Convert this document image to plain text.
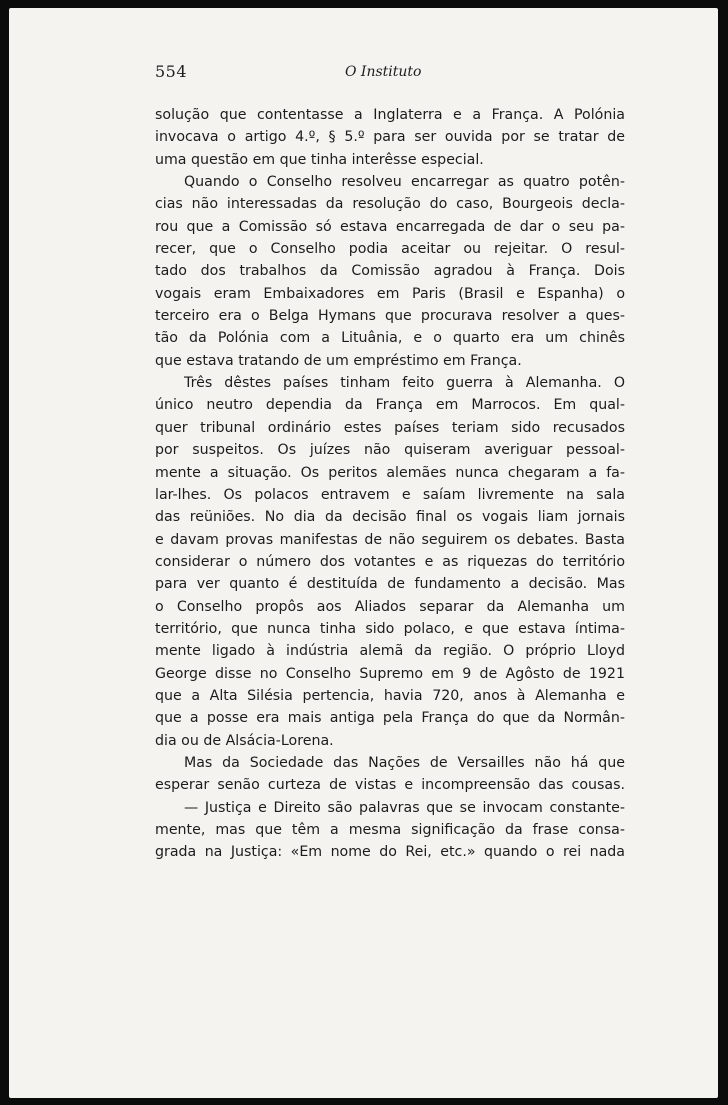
554	O Instituto
solução que contentasse a Inglaterra e a França. A Polónia
invocava o artigo 4.º, § 5.º para ser ouvida por se tratar de
uma questão em que tinha interêsse especial.
Quando o Conselho resolveu encarregar as quatro potên-
cias não interessadas da resolução do caso, Bourgeois decla-
rou que a Comissão só estava encarregada de dar o seu pa-
recer, que o Conselho podia aceitar ou rejeitar. O resul-
tado dos trabalhos da Comissão agradou à França. Dois
vogais eram Embaixadores em Paris (Brasil e Espanha) o
terceiro era o Belga Hymans que procurava resolver a ques-
tão da Polónia com a Lituânia, e o quarto era um chinês
que estava tratando de um empréstimo em França.
Três dêstes países tinham feito guerra à Alemanha. O
único neutro dependia da França em Marrocos. Em qual-
quer tribunal ordinário estes países teriam sido recusados
por suspeitos. Os juízes não quiseram averiguar pessoal-
mente a situação. Os peritos alemães nunca chegaram a fa-
lar-lhes. Os polacos entravem e saíam livremente na sala
das reüniões. No dia da decisão final os vogais liam jornais
e davam provas manifestas de não seguirem os debates. Basta
considerar o número dos votantes e as riquezas do território
para ver quanto é destituída de fundamento a decisão. Mas
o Conselho propôs aos Aliados separar da Alemanha um
território, que nunca tinha sido polaco, e que estava íntima-
mente ligado à indústria alemã da região. O próprio Lloyd
George disse no Conselho Supremo em 9 de Agôsto de 1921
que a Alta Silésia pertencia, havia 720, anos à Alemanha e
que a posse era mais antiga pela França do que da Normân-
dia ou de Alsácia-Lorena.
Mas da Sociedade das Nações de Versailles não há que
esperar senão curteza de vistas e incompreensão das cousas.
— Justiça e Direito são palavras que se invocam constante-
mente, mas que têm a mesma significação da frase consa-
grada na Justiça: «Em nome do Rei, etc.» quando o rei nada
